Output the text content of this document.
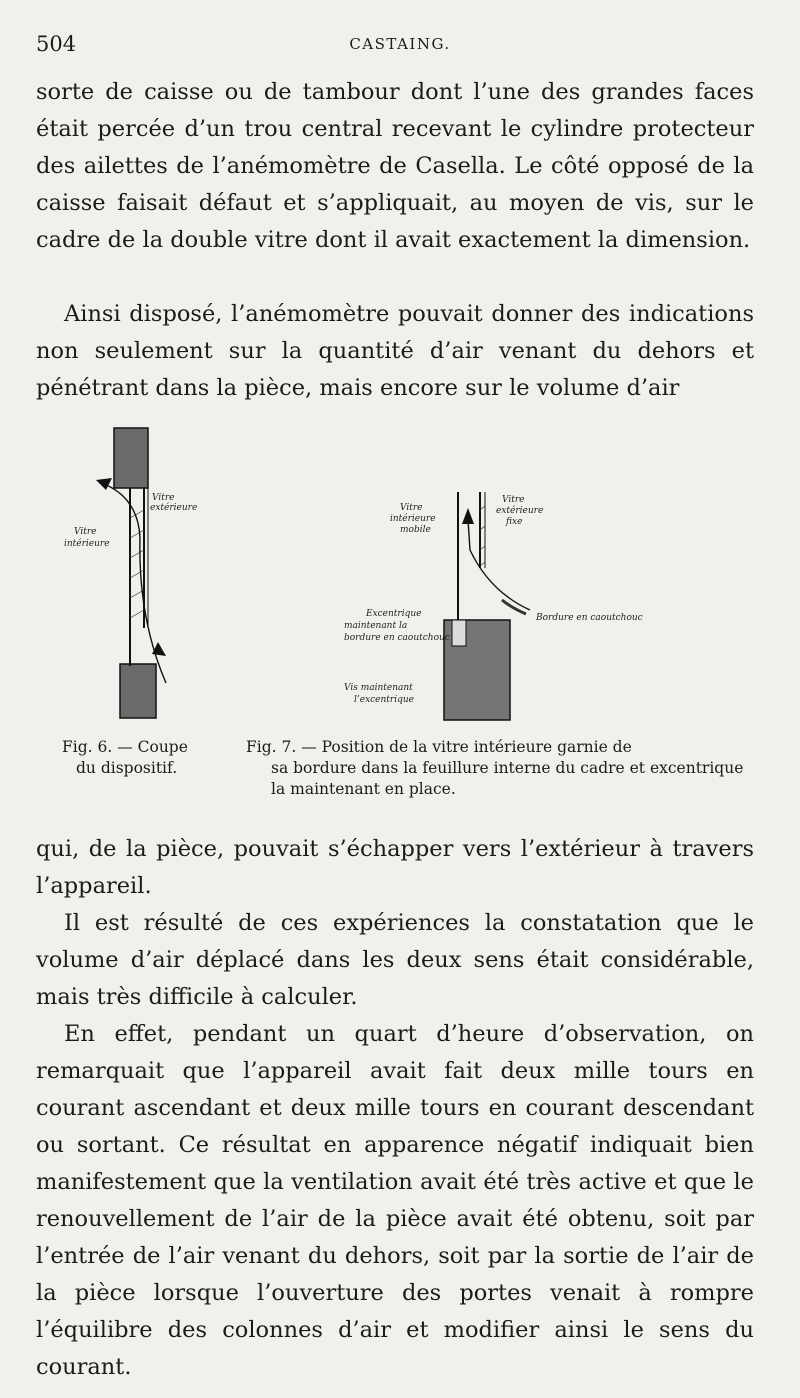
504	CASTAING.

sorte de caisse ou de tambour dont l’une des grandes faces était percée d’un trou central recevant le cylindre protecteur des ailettes de l’anémomètre de Casella. Le côté opposé de la caisse faisait défaut et s’appliquait, au moyen de vis, sur le cadre de la double vitre dont il avait exactement la dimension.

Ainsi disposé, l’anémomètre pouvait donner des indications non seulement sur la quantité d’air venant du dehors et pénétrant dans la pièce, mais encore sur le volume d’air

Vitre
extérieure
Vitre
intérieure
Vitre
intérieure
mobile
Vitre
extérieure
fixe
Excentrique
maintenant la
bordure en caoutchouc
Bordure en caoutchouc
Vis maintenant
l’excentrique

Fig. 6. — Coupe
du dispositif.

Fig. 7. — Position de la vitre intérieure garnie de
sa bordure dans la feuillure interne du cadre et excentrique la maintenant en place.

qui, de la pièce, pouvait s’échapper vers l’extérieur à travers l’appareil.

Il est résulté de ces expériences la constatation que le volume d’air déplacé dans les deux sens était considérable, mais très difficile à calculer.

En effet, pendant un quart d’heure d’observation, on remarquait que l’appareil avait fait deux mille tours en courant ascendant et deux mille tours en courant descendant ou sortant. Ce résultat en apparence négatif indiquait bien manifestement que la ventilation avait été très active et que le renouvellement de l’air de la pièce avait été obtenu, soit par l’entrée de l’air venant du dehors, soit par la sortie de l’air de la pièce lorsque l’ouverture des portes venait à rompre l’équilibre des colonnes d’air et modifier ainsi le sens du courant.
